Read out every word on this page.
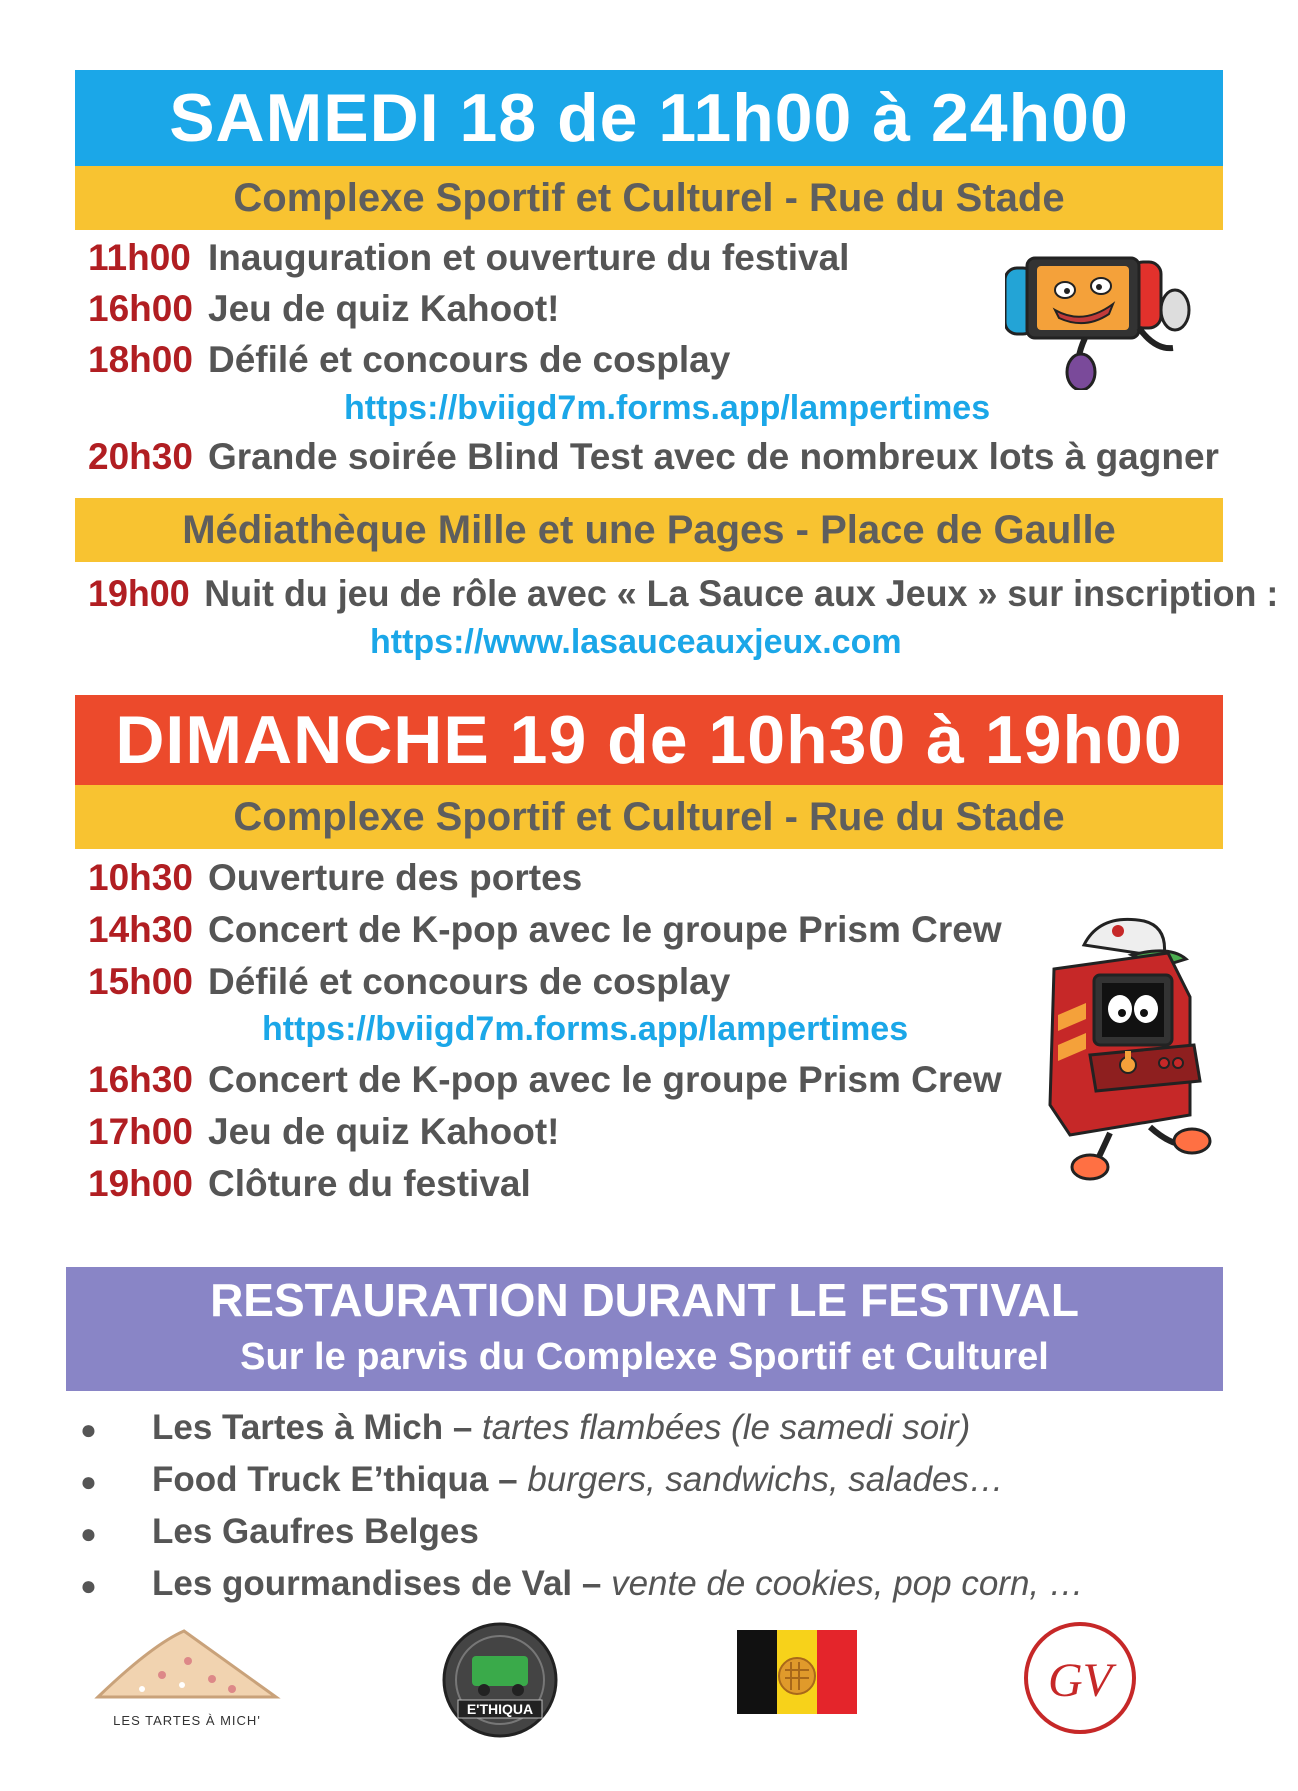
SAMEDI 18 de 11h00 à 24h00
Complexe Sportif et Culturel - Rue du Stade
11h00 Inauguration et ouverture du festival
16h00 Jeu de quiz Kahoot!
18h00 Défilé et concours de cosplay
https://bviigd7m.forms.app/lampertimes
20h30 Grande soirée Blind Test avec de nombreux lots à gagner
Médiathèque Mille et une Pages - Place de Gaulle
19h00 Nuit du jeu de rôle avec « La Sauce aux Jeux » sur inscription :
https://www.lasauceauxjeux.com
DIMANCHE 19 de 10h30 à 19h00
Complexe Sportif et Culturel - Rue du Stade
10h30 Ouverture des portes
14h30 Concert de K-pop avec le groupe Prism Crew
15h00 Défilé et concours de cosplay
https://bviigd7m.forms.app/lampertimes
16h30 Concert de K-pop avec le groupe Prism Crew
17h00 Jeu de quiz Kahoot!
19h00 Clôture du festival
RESTAURATION DURANT LE FESTIVAL
Sur le parvis du Complexe Sportif et Culturel
● Les Tartes à Mich – tartes flambées (le samedi soir)
● Food Truck E’thiqua – burgers, sandwichs, salades…
● Les Gaufres Belges
● Les gourmandises de Val – vente de cookies, pop corn, …
LES TARTES À MICH'
E'THIQUA
GV
